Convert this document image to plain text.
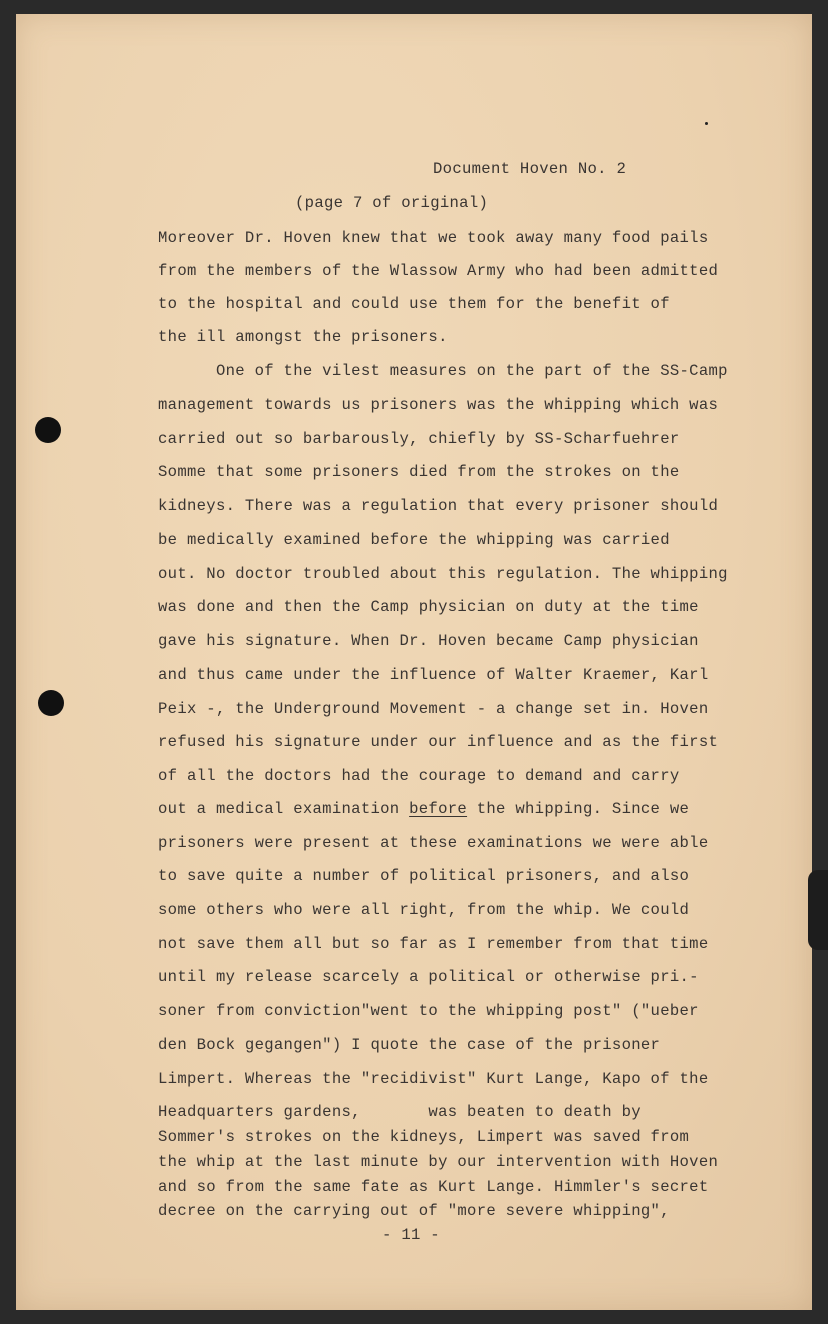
Document Hoven No. 2
(page 7 of original)
Moreover Dr. Hoven knew that we took away many food pails
from the members of the Wlassow Army who had been admitted
to the hospital and could use them for the benefit of
the ill amongst the prisoners.
One of the vilest measures on the part of the SS-Camp
management towards us prisoners was the whipping which was
carried out so barbarously, chiefly by SS-Scharfuehrer
Somme that some prisoners died from the strokes on the
kidneys. There was a regulation that every prisoner should
be medically examined before the whipping was carried
out. No doctor troubled about this regulation. The whipping
was done and then the Camp physician on duty at the time
gave his signature. When Dr. Hoven became Camp physician
and thus came under the influence of Walter Kraemer, Karl
Peix -, the Underground Movement - a change set in. Hoven
refused his signature under our influence and as the first
of all the doctors had the courage to demand and carry
out a medical examination before the whipping. Since we
prisoners were present at these examinations we were able
to save quite a number of political prisoners, and also
some others who were all right, from the whip. We could
not save them all but so far as I remember from that time
until my release scarcely a political or otherwise pri.-
soner from conviction"went to the whipping post" ("ueber
den Bock gegangen") I quote the case of the prisoner
Limpert. Whereas the "recidivist" Kurt Lange, Kapo of the
Headquarters gardens,       was beaten to death by
Sommer's strokes on the kidneys, Limpert was saved from
the whip at the last minute by our intervention with Hoven
and so from the same fate as Kurt Lange. Himmler's secret
decree on the carrying out of "more severe whipping",
- 11 -
